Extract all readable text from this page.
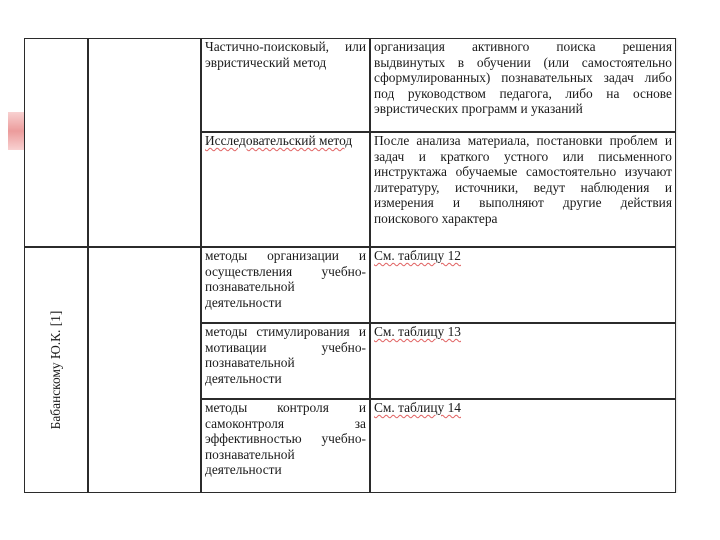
		Частично-поисковый, или эвристический метод	организация активного поиска решения выдвинутых в обучении (или самостоятельно сформулированных) познавательных задач либо под руководством педагога, либо на основе эвристических программ и указаний

		Исследовательский метод	После анализа материала, постановки проблем и задач и краткого устного или письменного инструктажа обучаемые самостоятельно изучают литературу, источники, ведут наблюдения и измерения и выполняют другие действия поискового характера

Бабанскому Ю.К. [1]		методы организации и осуществления учебно-познавательной деятельности	См. таблицу 12
		методы стимулирования и мотивации учебно-познавательной деятельности	См. таблицу 13
		методы контроля и самоконтроля за эффективностью учебно-познавательной деятельности	См. таблицу 14
